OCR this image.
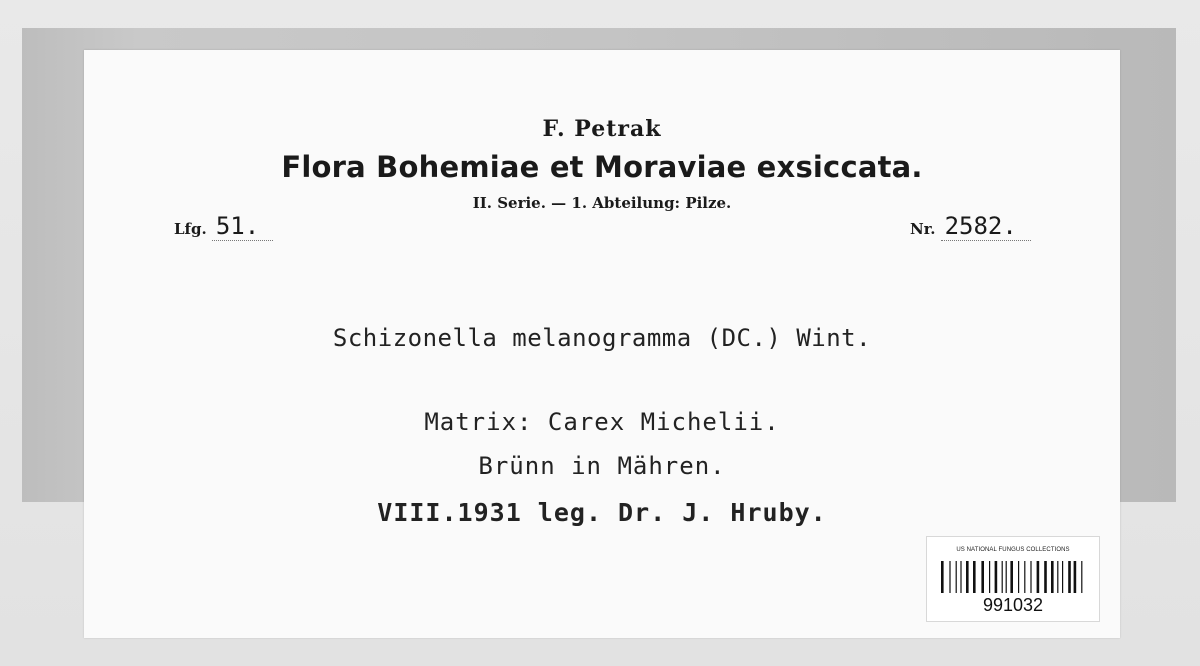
F. Petrak
Flora Bohemiae et Moraviae exsiccata.
II. Serie. — 1. Abteilung: Pilze.
Lfg. 51.	Nr. 2582.
Schizonella melanogramma (DC.) Wint.
Matrix: Carex Michelii.
Brünn in Mähren.
VIII.1931 leg. Dr. J. Hruby.
US NATIONAL FUNGUS COLLECTIONS
991032
